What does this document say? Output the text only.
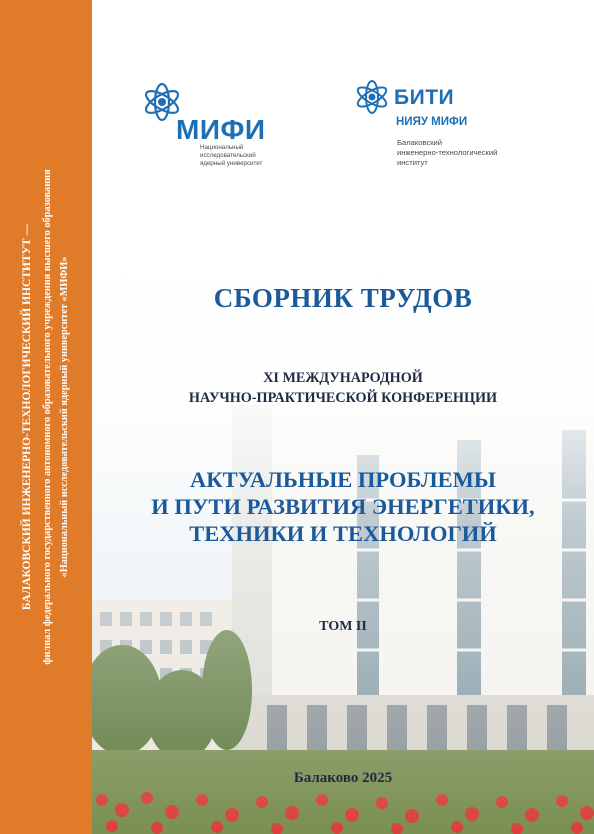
БАЛАКОВСКИЙ ИНЖЕНЕРНО-ТЕХНОЛОГИЧЕСКИЙ ИНСТИТУТ — филиал федерального государственного автономного образовательного учреждения высшего образования «Национальный исследовательский ядерный университет «МИФИ»
МИФИ
Национальный
исследовательский
ядерный университет
БИТИ
НИЯУ МИФИ
Балаковский
инженерно-технологический
институт
СБОРНИК ТРУДОВ
XI МЕЖДУНАРОДНОЙ
НАУЧНО-ПРАКТИЧЕСКОЙ КОНФЕРЕНЦИИ
АКТУАЛЬНЫЕ ПРОБЛЕМЫ
И ПУТИ РАЗВИТИЯ ЭНЕРГЕТИКИ,
ТЕХНИКИ И ТЕХНОЛОГИЙ
ТОМ II
Балаково 2025
